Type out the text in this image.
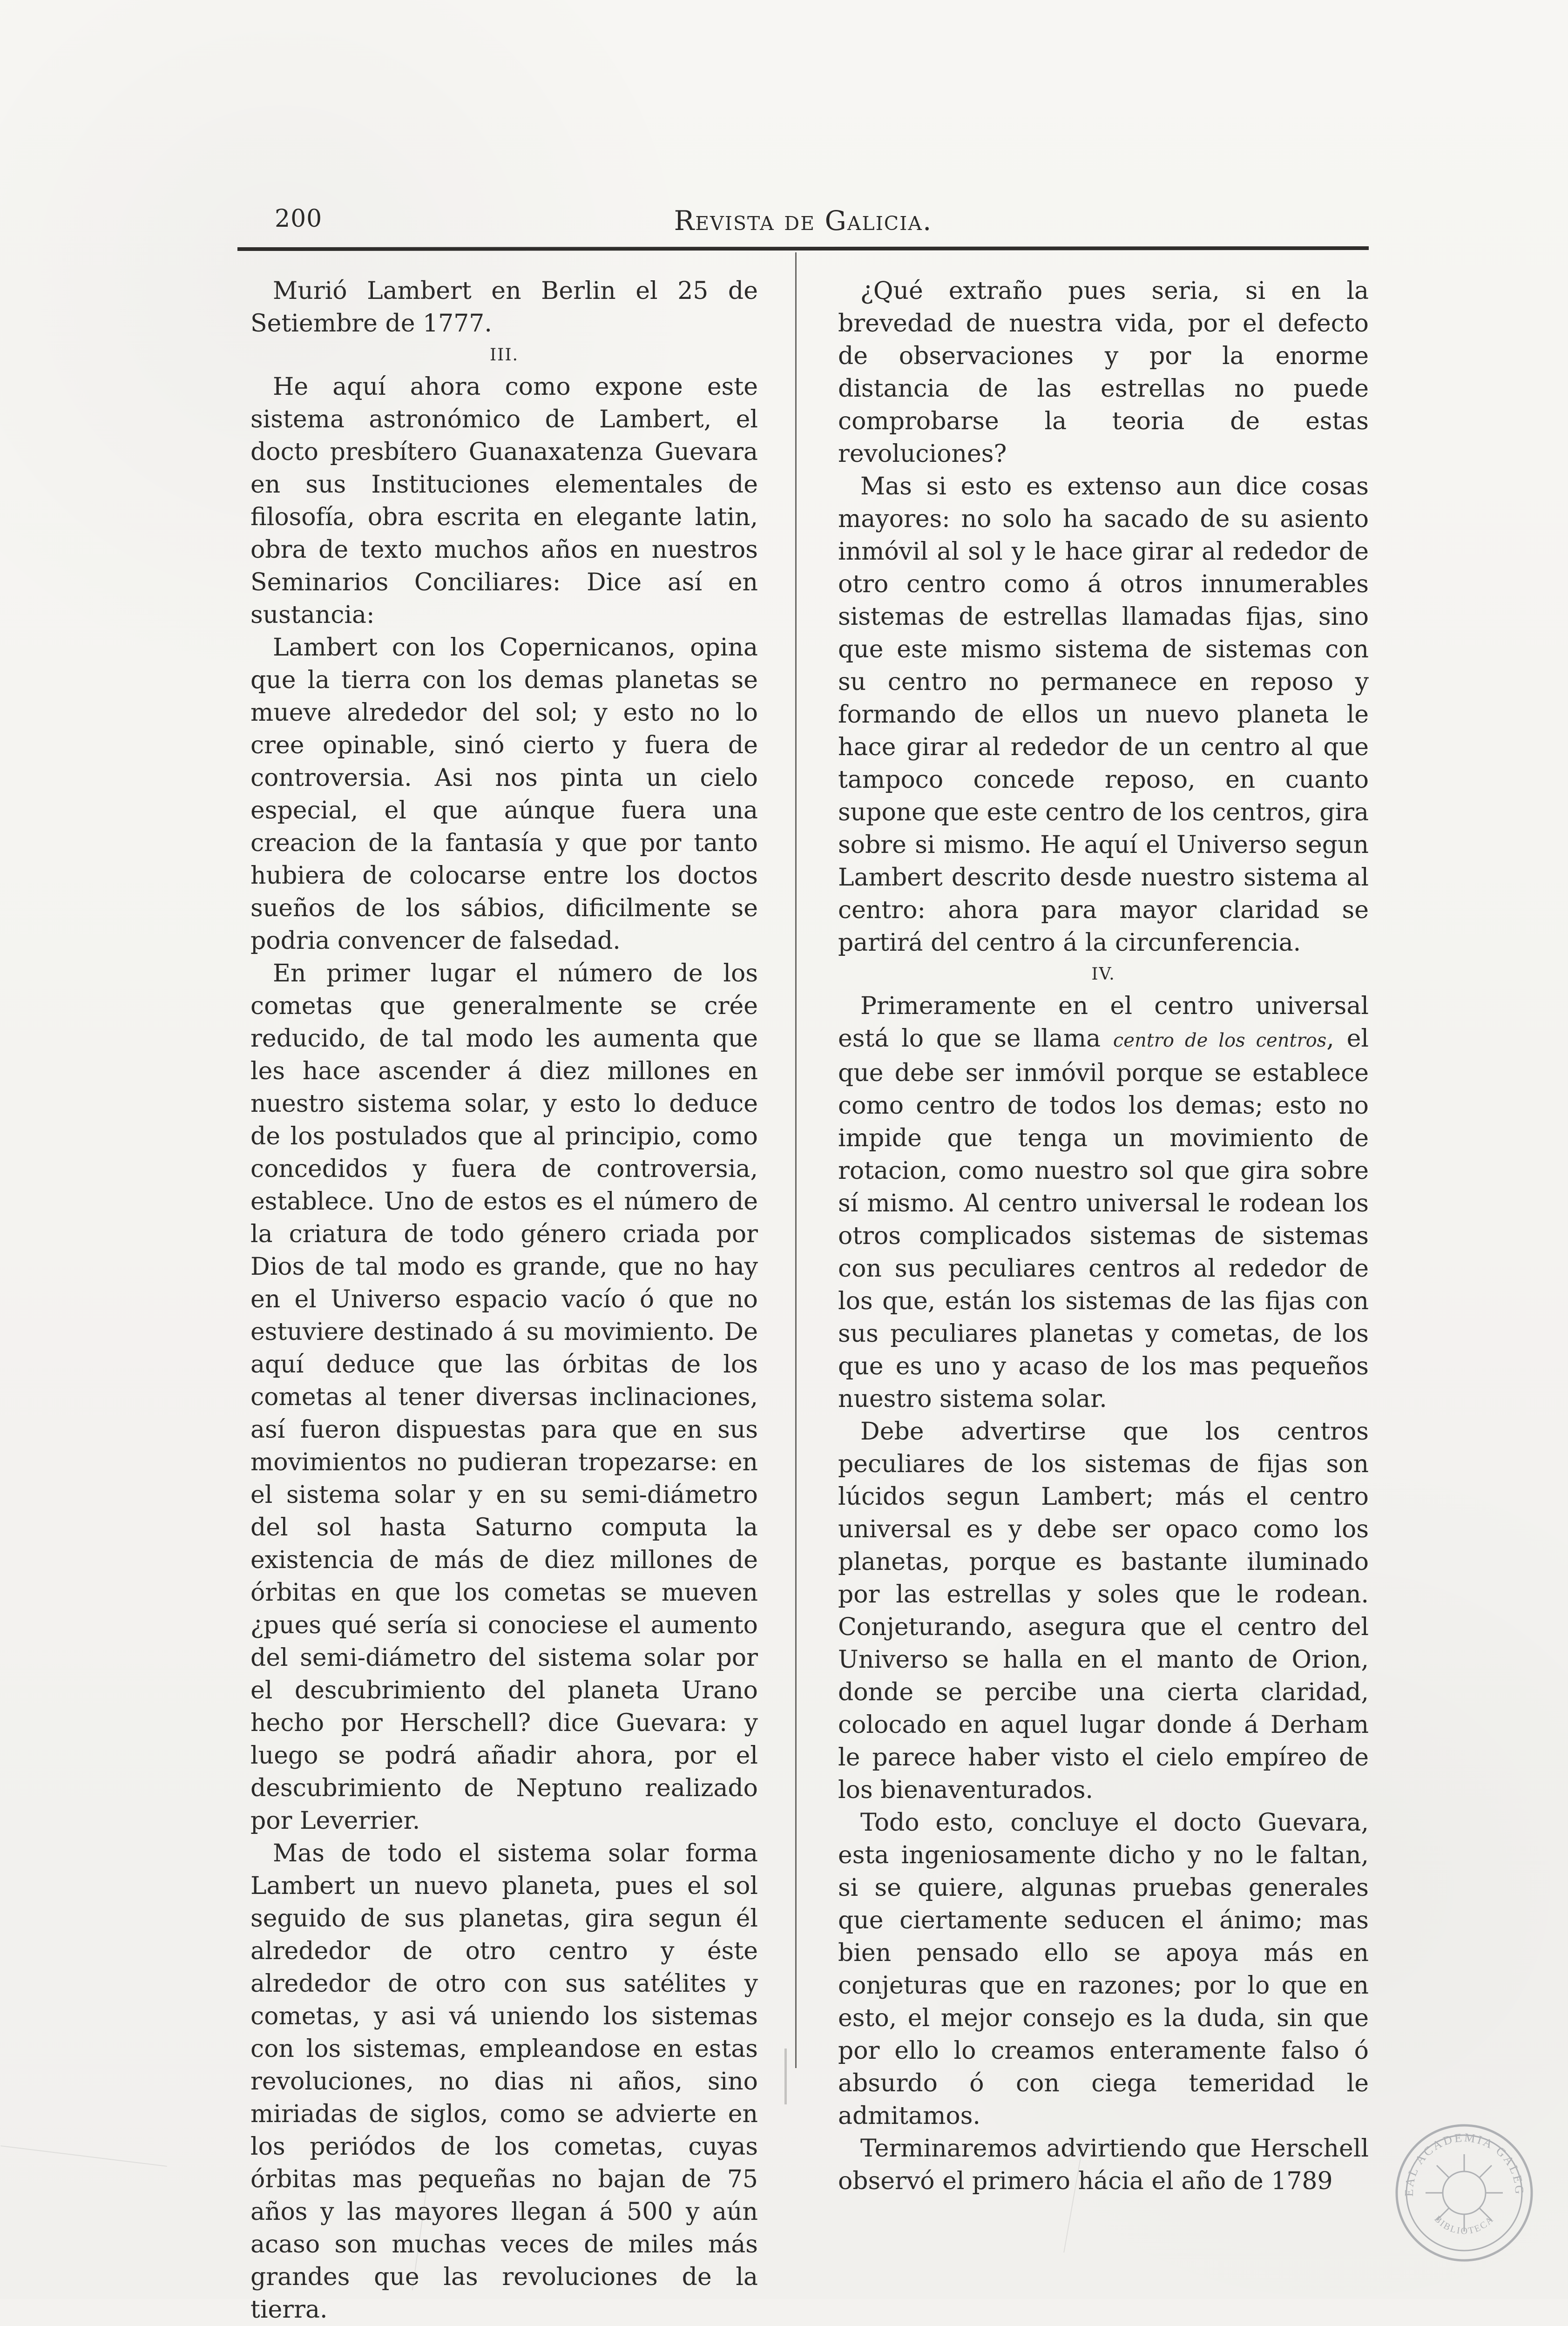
200	Revista de Galicia.

Murió Lambert en Berlin el 25 de Setiembre de 1777.

III.

He aquí ahora como expone este sistema astronómico de Lambert, el docto presbítero Guanaxatenza Guevara en sus Instituciones elementales de filosofía, obra escrita en elegante latin, obra de texto muchos años en nuestros Seminarios Conciliares: Dice así en sustancia:

Lambert con los Copernicanos, opina que la tierra con los demas planetas se mueve alrededor del sol; y esto no lo cree opinable, sinó cierto y fuera de controversia. Asi nos pinta un cielo especial, el que aúnque fuera una creacion de la fantasía y que por tanto hubiera de colocarse entre los doctos sueños de los sábios, dificilmente se podria convencer de falsedad.

En primer lugar el número de los cometas que generalmente se crée reducido, de tal modo les aumenta que les hace ascender á diez millones en nuestro sistema solar, y esto lo deduce de los postulados que al principio, como concedidos y fuera de controversia, establece. Uno de estos es el número de la criatura de todo género criada por Dios de tal modo es grande, que no hay en el Universo espacio vacío ó que no estuviere destinado á su movimiento. De aquí deduce que las órbitas de los cometas al tener diversas inclinaciones, así fueron dispuestas para que en sus movimientos no pudieran tropezarse: en el sistema solar y en su semi-diámetro del sol hasta Saturno computa la existencia de más de diez millones de órbitas en que los cometas se mueven ¿pues qué sería si conociese el aumento del semi-diámetro del sistema solar por el descubrimiento del planeta Urano hecho por Herschell? dice Guevara: y luego se podrá añadir ahora, por el descubrimiento de Neptuno realizado por Leverrier.

Mas de todo el sistema solar forma Lambert un nuevo planeta, pues el sol seguido de sus planetas, gira segun él alrededor de otro centro y éste alrededor de otro con sus satélites y cometas, y asi vá uniendo los sistemas con los sistemas, empleandose en estas revoluciones, no dias ni años, sino miriadas de siglos, como se advierte en los periódos de los cometas, cuyas órbitas mas pequeñas no bajan de 75 años y las mayores llegan á 500 y aún acaso son muchas veces de miles más grandes que las revoluciones de la tierra.

¿Qué extraño pues seria, si en la brevedad de nuestra vida, por el defecto de observaciones y por la enorme distancia de las estrellas no puede comprobarse la teoria de estas revoluciones?

Mas si esto es extenso aun dice cosas mayores: no solo ha sacado de su asiento inmóvil al sol y le hace girar al rededor de otro centro como á otros innumerables sistemas de estrellas llamadas fijas, sino que este mismo sistema de sistemas con su centro no permanece en reposo y formando de ellos un nuevo planeta le hace girar al rededor de un centro al que tampoco concede reposo, en cuanto supone que este centro de los centros, gira sobre si mismo. He aquí el Universo segun Lambert descrito desde nuestro sistema al centro: ahora para mayor claridad se partirá del centro á la circunferencia.

IV.

Primeramente en el centro universal está lo que se llama centro de los centros, el que debe ser inmóvil porque se establece como centro de todos los demas; esto no impide que tenga un movimiento de rotacion, como nuestro sol que gira sobre sí mismo. Al centro universal le rodean los otros complicados sistemas de sistemas con sus peculiares centros al rededor de los que, están los sistemas de las fijas con sus peculiares planetas y cometas, de los que es uno y acaso de los mas pequeños nuestro sistema solar.

Debe advertirse que los centros peculiares de los sistemas de fijas son lúcidos segun Lambert; más el centro universal es y debe ser opaco como los planetas, porque es bastante iluminado por las estrellas y soles que le rodean. Conjeturando, asegura que el centro del Universo se halla en el manto de Orion, donde se percibe una cierta claridad, colocado en aquel lugar donde á Derham le parece haber visto el cielo empíreo de los bienaventurados.

Todo esto, concluye el docto Guevara, esta ingeniosamente dicho y no le faltan, si se quiere, algunas pruebas generales que ciertamente seducen el ánimo; mas bien pensado ello se apoya más en conjeturas que en razones; por lo que en esto, el mejor consejo es la duda, sin que por ello lo creamos enteramente falso ó absurdo ó con ciega temeridad le admitamos.

Terminaremos advirtiendo que Herschell observó el primero hácia el año de 1789	EAL ACADEMIA GALEG
BIBLIOTECA
